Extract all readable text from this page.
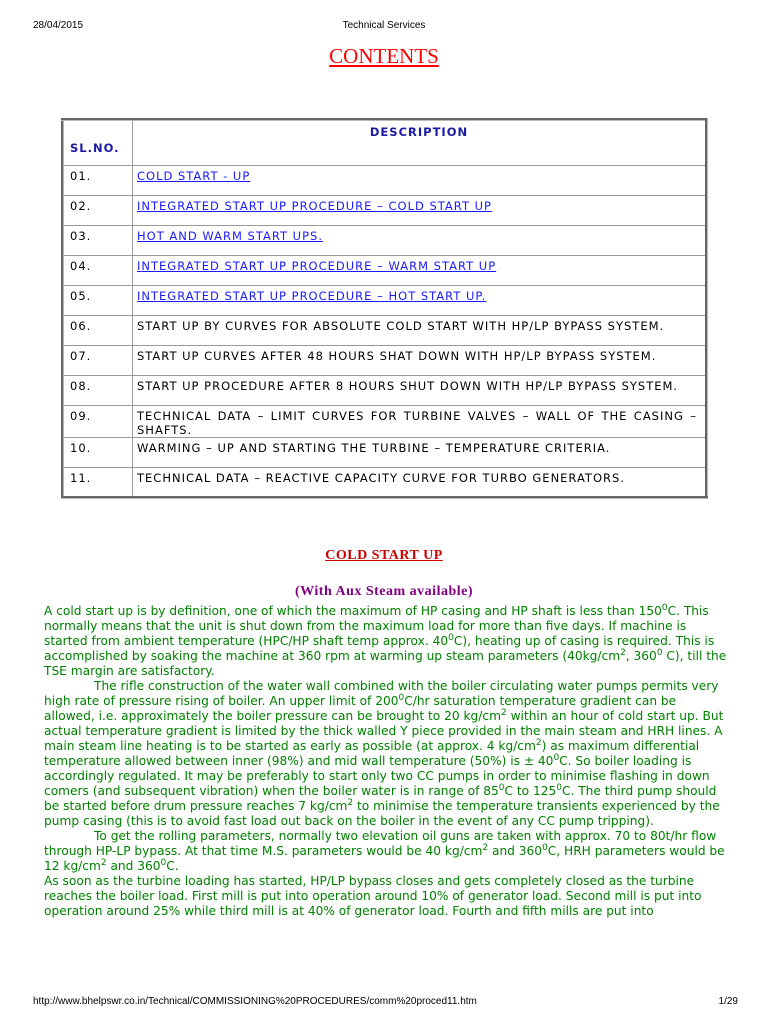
28/04/2015	Technical Services
CONTENTS
SL.NO.	DESCRIPTION
01.	COLD START - UP
02.	INTEGRATED START UP PROCEDURE – COLD START UP
03.	HOT AND WARM START UPS.
04.	INTEGRATED START UP PROCEDURE – WARM START UP
05.	INTEGRATED START UP PROCEDURE – HOT START UP.
06.	START UP BY CURVES FOR ABSOLUTE COLD START WITH HP/LP BYPASS SYSTEM.
07.	START UP CURVES AFTER 48 HOURS SHAT DOWN WITH HP/LP BYPASS SYSTEM.
08.	START UP PROCEDURE AFTER 8 HOURS SHUT DOWN WITH HP/LP BYPASS SYSTEM.
09.	TECHNICAL DATA – LIMIT CURVES FOR TURBINE VALVES – WALL OF THE CASING – SHAFTS.
10.	WARMING – UP AND STARTING THE TURBINE – TEMPERATURE CRITERIA.
11.	TECHNICAL DATA – REACTIVE CAPACITY CURVE FOR TURBO GENERATORS.
COLD START UP
(With Aux Steam available)

A cold start up is by definition, one of which the maximum of HP casing and HP shaft is less than $150^0C$. This normally means that the unit is shut down from the maximum load for more than five days. If machine is started from ambient temperature (HPC/HP shaft temp approx. $40^0C$), heating up of casing is required. This is accomplished by soaking the machine at 360 rpm at warming up steam parameters ($40kg/cm^2$, $360^0$ C), till the TSE margin are satisfactory.

The rifle construction of the water wall combined with the boiler circulating water pumps permits very high rate of pressure rising of boiler. An upper limit of $200^0C/hr$ saturation temperature gradient can be allowed, i.e. approximately the boiler pressure can be brought to 20 $kg/cm^2$ within an hour of cold start up. But actual temperature gradient is limited by the thick walled Y piece provided in the main steam and HRH lines. A main steam line heating is to be started as early as possible (at approx. 4 $kg/cm^2$) as maximum differential temperature allowed between inner (98%) and mid wall temperature (50%) is ± $40^0C$. So boiler loading is accordingly regulated. It may be preferably to start only two CC pumps in order to minimise flashing in down comers (and subsequent vibration) when the boiler water is in range of $85^0C$ to $125^0C$. The third pump should be started before drum pressure reaches 7 $kg/cm^2$ to minimise the temperature transients experienced by the pump casing (this is to avoid fast load out back on the boiler in the event of any CC pump tripping).

To get the rolling parameters, normally two elevation oil guns are taken with approx. 70 to 80t/hr flow through HP-LP bypass. At that time M.S. parameters would be 40 $kg/cm^2$ and $360^0C$, HRH parameters would be 12 $kg/cm^2$ and $360^0C$.

As soon as the turbine loading has started, HP/LP bypass closes and gets completely closed as the turbine reaches the boiler load. First mill is put into operation around 10% of generator load. Second mill is put into operation around 25% while third mill is at 40% of generator load. Fourth and fifth mills are put into

http://www.bhelpswr.co.in/Technical/COMMISSIONING%20PROCEDURES/comm%20proced11.htm	1/29
